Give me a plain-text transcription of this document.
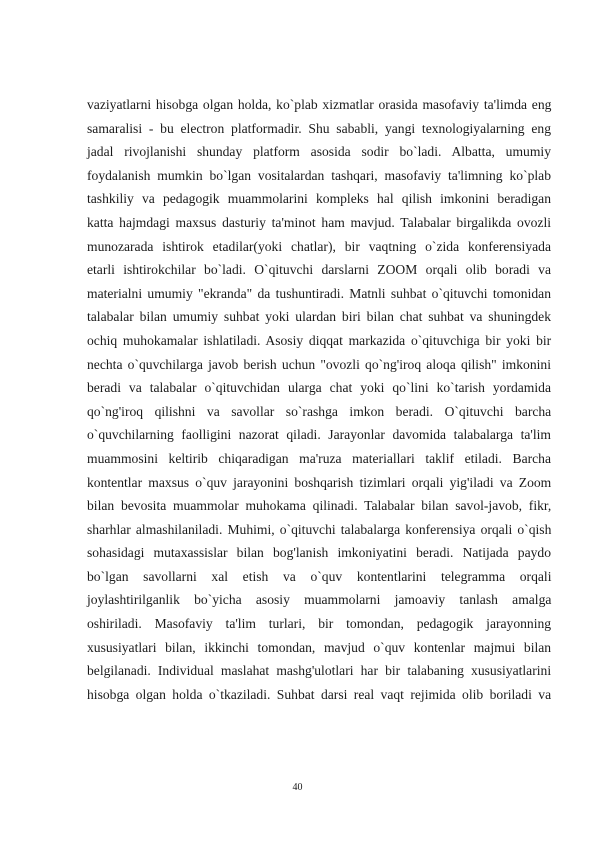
vaziyatlarni hisobga olgan holda, ko`plab xizmatlar orasida masofaviy ta'limda eng
samaralisi - bu electron platformadir. Shu sababli, yangi texnologiyalarning eng
jadal rivojlanishi shunday platform asosida sodir bo`ladi. Albatta, umumiy
foydalanish mumkin bo`lgan vositalardan tashqari, masofaviy ta'limning ko`plab
tashkiliy va pedagogik muammolarini kompleks hal qilish imkonini beradigan
katta hajmdagi maxsus dasturiy ta'minot ham mavjud. Talabalar birgalikda ovozli
munozarada ishtirok etadilar(yoki chatlar), bir vaqtning o`zida konferensiyada
etarli ishtirokchilar bo`ladi. O`qituvchi darslarni ZOOM orqali olib boradi va
materialni umumiy "ekranda" da tushuntiradi. Matnli suhbat o`qituvchi tomonidan
talabalar bilan umumiy suhbat yoki ulardan biri bilan chat suhbat va shuningdek
ochiq muhokamalar ishlatiladi. Asosiy diqqat markazida o`qituvchiga bir yoki bir
nechta o`quvchilarga javob berish uchun "ovozli qo`ng'iroq aloqa qilish" imkonini
beradi va talabalar o`qituvchidan ularga chat yoki qo`lini ko`tarish yordamida
qo`ng'iroq qilishni va savollar so`rashga imkon beradi. O`qituvchi barcha
o`quvchilarning faolligini nazorat qiladi. Jarayonlar davomida talabalarga ta'lim
muammosini keltirib chiqaradigan ma'ruza materiallari taklif etiladi. Barcha
kontentlar maxsus o`quv jarayonini boshqarish tizimlari orqali yig'iladi va Zoom
bilan bevosita muammolar muhokama qilinadi. Talabalar bilan savol-javob, fikr,
sharhlar almashilaniladi. Muhimi, o`qituvchi talabalarga konferensiya orqali o`qish
sohasidagi mutaxassislar bilan bog'lanish imkoniyatini beradi. Natijada paydo
bo`lgan savollarni xal etish va o`quv kontentlarini telegramma orqali
joylashtirilganlik bo`yicha asosiy muammolarni jamoaviy tanlash amalga
oshiriladi. Masofaviy ta'lim turlari, bir tomondan, pedagogik jarayonning
xususiyatlari bilan, ikkinchi tomondan, mavjud o`quv kontenlar majmui bilan
belgilanadi. Individual maslahat mashg'ulotlari har bir talabaning xususiyatlarini
hisobga olgan holda o`tkaziladi. Suhbat darsi real vaqt rejimida olib boriladi va
40
